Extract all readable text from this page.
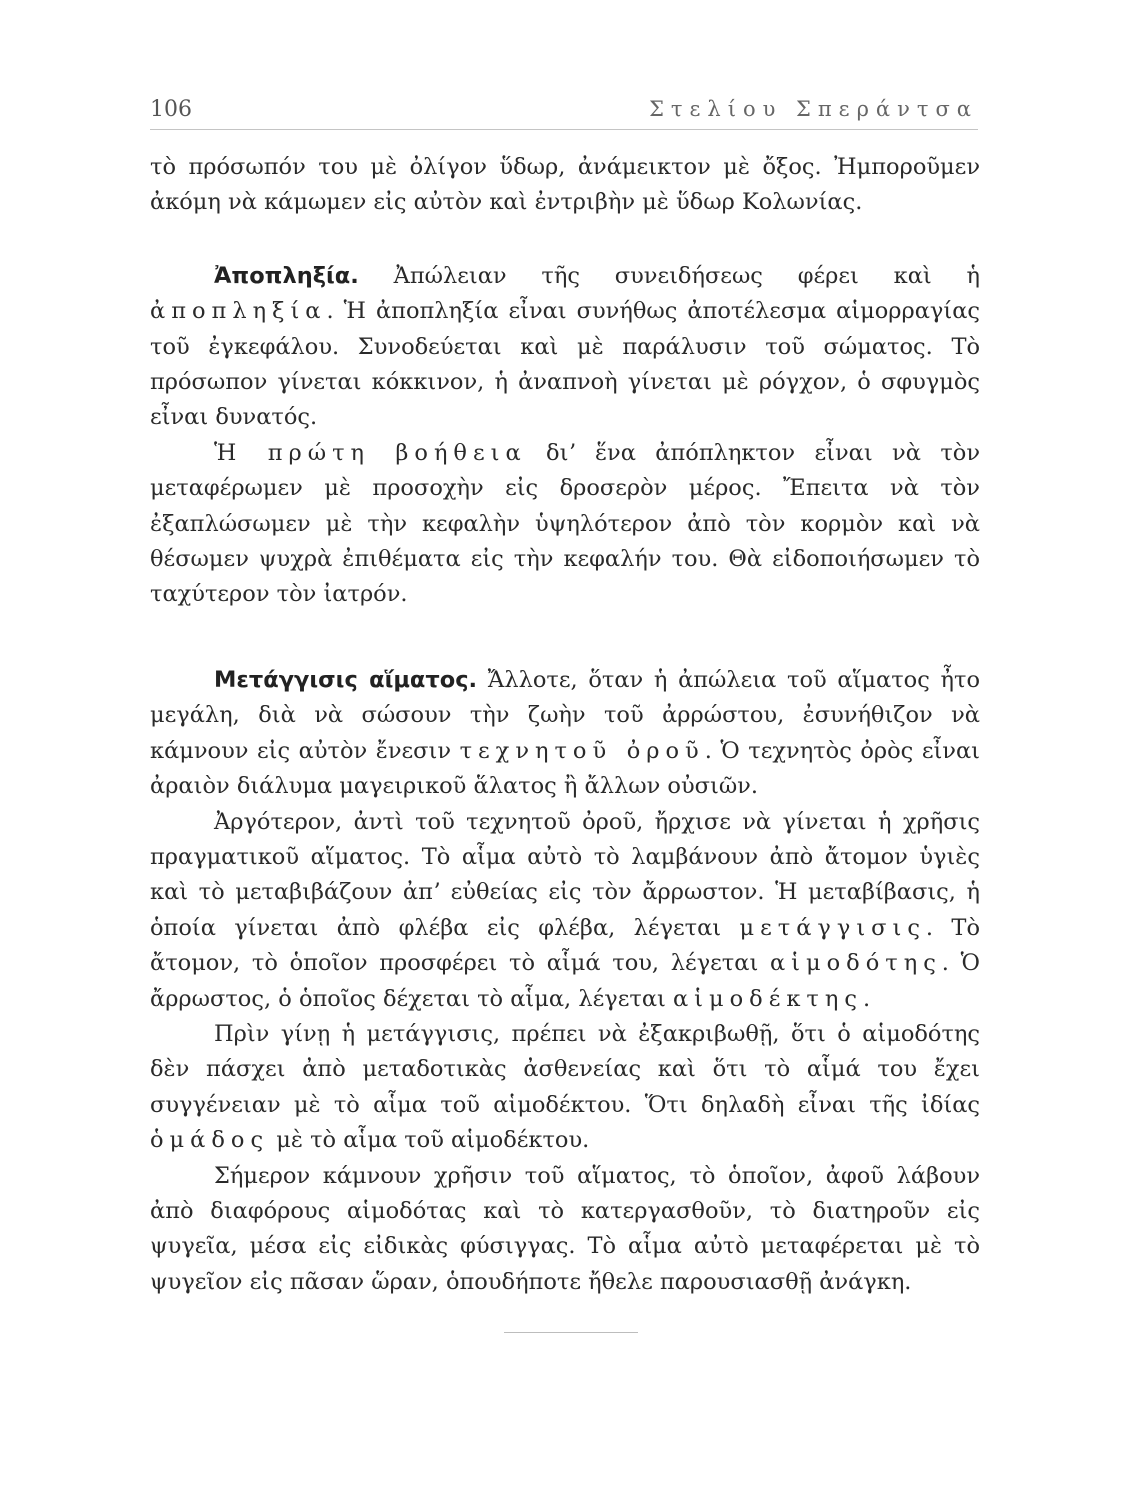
106	Στελίου Σπεράντσα

τὸ πρόσωπόν του μὲ ὀλίγον ὕδωρ, ἀνάμεικτον μὲ ὄξος. Ἠμποροῦμεν ἀκόμη νὰ κάμωμεν εἰς αὐτὸν καὶ ἐντριβὴν μὲ ὕδωρ Κολωνίας.

Ἀποπληξία. Ἀπώλειαν τῆς συνειδήσεως φέρει καὶ ἡ ἀποπληξία. Ἡ ἀποπληξία εἶναι συνήθως ἀποτέλεσμα αἱμορραγίας τοῦ ἐγκεφάλου. Συνοδεύεται καὶ μὲ παράλυσιν τοῦ σώματος. Τὸ πρόσωπον γίνεται κόκκινον, ἡ ἀναπνοὴ γίνεται μὲ ρόγχον, ὁ σφυγμὸς εἶναι δυνατός.

Ἡ πρώτη βοήθεια διʼ ἕνα ἀπόπληκτον εἶναι νὰ τὸν μεταφέρωμεν μὲ προσοχὴν εἰς δροσερὸν μέρος. Ἔπειτα νὰ τὸν ἐξαπλώσωμεν μὲ τὴν κεφαλὴν ὑψηλότερον ἀπὸ τὸν κορμὸν καὶ νὰ θέσωμεν ψυχρὰ ἐπιθέματα εἰς τὴν κεφαλήν του. Θὰ εἰδοποιήσωμεν τὸ ταχύτερον τὸν ἰατρόν.

Μετάγγισις αἵματος. Ἄλλοτε, ὅταν ἡ ἀπώλεια τοῦ αἵματος ἦτο μεγάλη, διὰ νὰ σώσουν τὴν ζωὴν τοῦ ἀρρώστου, ἐσυνήθιζον νὰ κάμνουν εἰς αὐτὸν ἔνεσιν τεχνητοῦ ὀροῦ. Ὁ τεχνητὸς ὀρὸς εἶναι ἀραιὸν διάλυμα μαγειρικοῦ ἅλατος ἢ ἄλλων οὐσιῶν.

Ἀργότερον, ἀντὶ τοῦ τεχνητοῦ ὀροῦ, ἤρχισε νὰ γίνεται ἡ χρῆσις πραγματικοῦ αἵματος. Τὸ αἷμα αὐτὸ τὸ λαμβάνουν ἀπὸ ἄτομον ὑγιὲς καὶ τὸ μεταβιβάζουν ἀπʼ εὐθείας εἰς τὸν ἄρρωστον. Ἡ μεταβίβασις, ἡ ὁποία γίνεται ἀπὸ φλέβα εἰς φλέβα, λέγεται μετάγγισις. Τὸ ἄτομον, τὸ ὁποῖον προσφέρει τὸ αἷμά του, λέγεται αἱμοδότης. Ὁ ἄρρωστος, ὁ ὁποῖος δέχεται τὸ αἷμα, λέγεται αἱμοδέκτης.

Πρὶν γίνῃ ἡ μετάγγισις, πρέπει νὰ ἐξακριβωθῇ, ὅτι ὁ αἱμοδότης δὲν πάσχει ἀπὸ μεταδοτικὰς ἀσθενείας καὶ ὅτι τὸ αἷμά του ἔχει συγγένειαν μὲ τὸ αἷμα τοῦ αἱμοδέκτου. Ὅτι δηλαδὴ εἶναι τῆς ἰδίας ὁμάδος μὲ τὸ αἷμα τοῦ αἱμοδέκτου.

Σήμερον κάμνουν χρῆσιν τοῦ αἵματος, τὸ ὁποῖον, ἀφοῦ λάβουν ἀπὸ διαφόρους αἱμοδότας καὶ τὸ κατεργασθοῦν, τὸ διατηροῦν εἰς ψυγεῖα, μέσα εἰς εἰδικὰς φύσιγγας. Τὸ αἷμα αὐτὸ μεταφέρεται μὲ τὸ ψυγεῖον εἰς πᾶσαν ὥραν, ὁπουδήποτε ἤθελε παρουσιασθῇ ἀνάγκη.
